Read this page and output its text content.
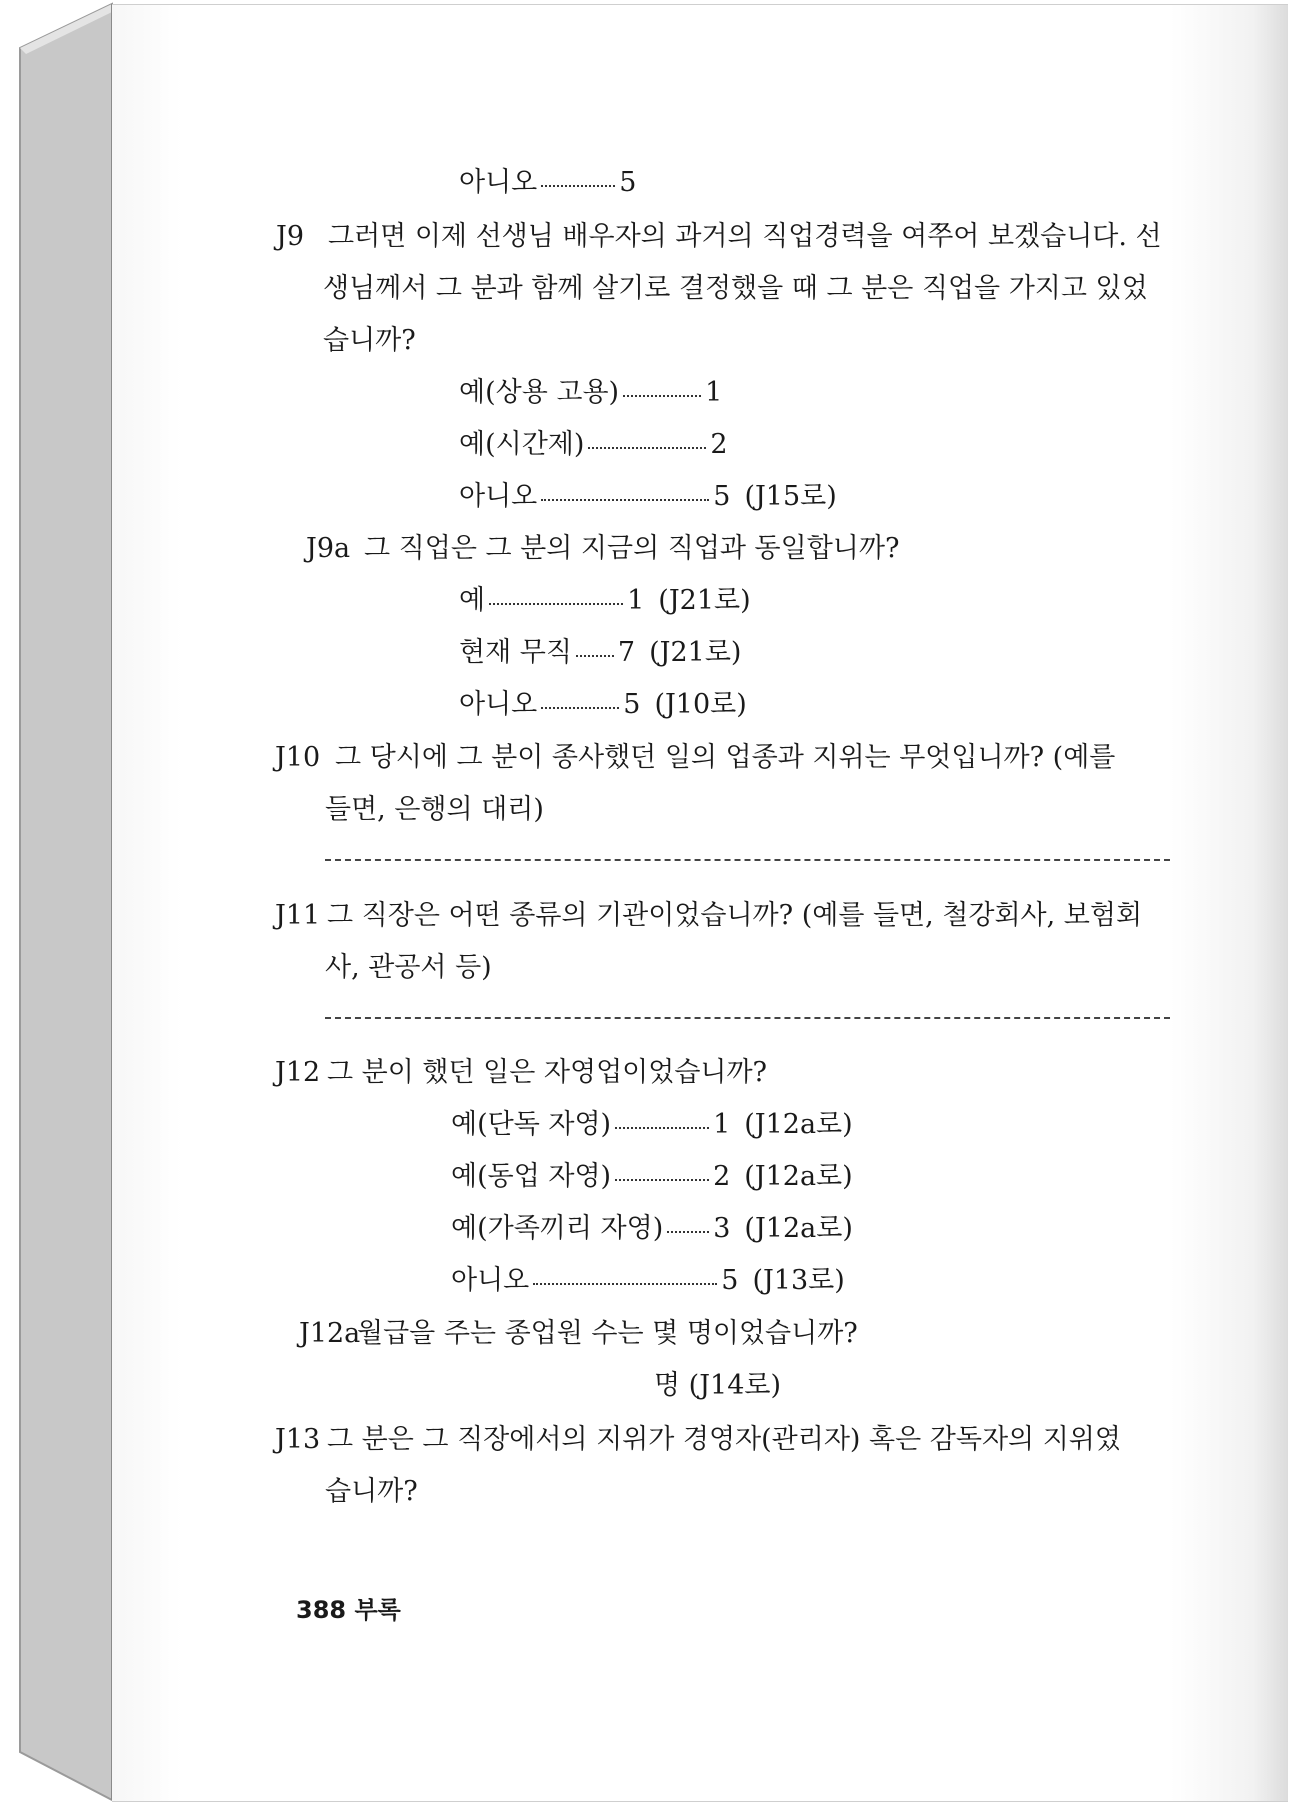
아니오	5
J9 그러면 이제 선생님 배우자의 과거의 직업경력을 여쭈어 보겠습니다. 선
생님께서 그 분과 함께 살기로 결정했을 때 그 분은 직업을 가지고 있었
습니까?
예(상용 고용)	1
예(시간제)	2
아니오	5 (J15로)
J9a 그 직업은 그 분의 지금의 직업과 동일합니까?
예	1 (J21로)
현재 무직 7 (J21로)
아니오	5 (J10로)
J10 그 당시에 그 분이 종사했던 일의 업종과 지위는 무엇입니까? (예를
들면, 은행의 대리)
J11 그 직장은 어떤 종류의 기관이었습니까? (예를 들면, 철강회사, 보험회
사, 관공서 등)
J12 그 분이 했던 일은 자영업이었습니까?
예(단독 자영)	1 (J12a로)
예(동업 자영)	2 (J12a로)
예(가족끼리 자영) 3 (J12a로)
아니오	5 (J13로)
J12a월급을 주는 종업원 수는 몇 명이었습니까?
명 (J14로)
J13 그 분은 그 직장에서의 지위가 경영자(관리자) 혹은 감독자의 지위였
습니까?
388 부록
